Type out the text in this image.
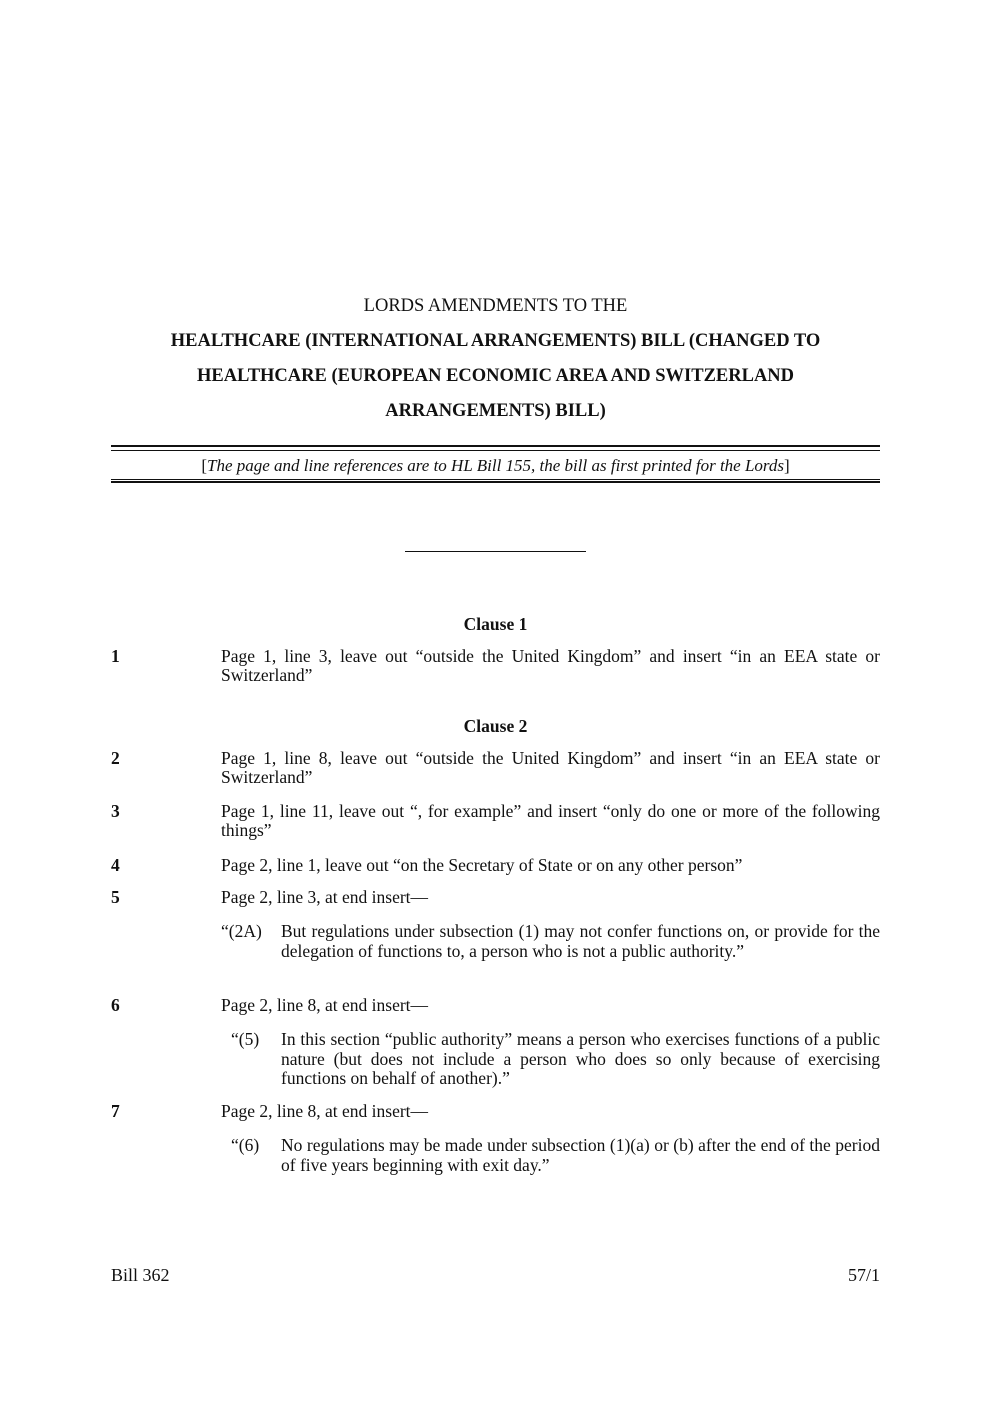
LORDS AMENDMENTS TO THE
HEALTHCARE (INTERNATIONAL ARRANGEMENTS) BILL (CHANGED TO
HEALTHCARE (EUROPEAN ECONOMIC AREA AND SWITZERLAND
ARRANGEMENTS) BILL)
[The page and line references are to HL Bill 155, the bill as first printed for the Lords]
Clause 1
1	Page 1, line 3, leave out “outside the United Kingdom” and insert “in an EEA state or Switzerland”
Clause 2
2	Page 1, line 8, leave out “outside the United Kingdom” and insert “in an EEA state or Switzerland”
3	Page 1, line 11, leave out “, for example” and insert “only do one or more of the following things”
4	Page 2, line 1, leave out “on the Secretary of State or on any other person”
5	Page 2, line 3, at end insert—
“(2A) But regulations under subsection (1) may not confer functions on, or provide for the delegation of functions to, a person who is not a public authority.”
6	Page 2, line 8, at end insert—
“(5) In this section “public authority” means a person who exercises functions of a public nature (but does not include a person who does so only because of exercising functions on behalf of another).”
7	Page 2, line 8, at end insert—
“(6) No regulations may be made under subsection (1)(a) or (b) after the end of the period of five years beginning with exit day.”
Bill 362	57/1
